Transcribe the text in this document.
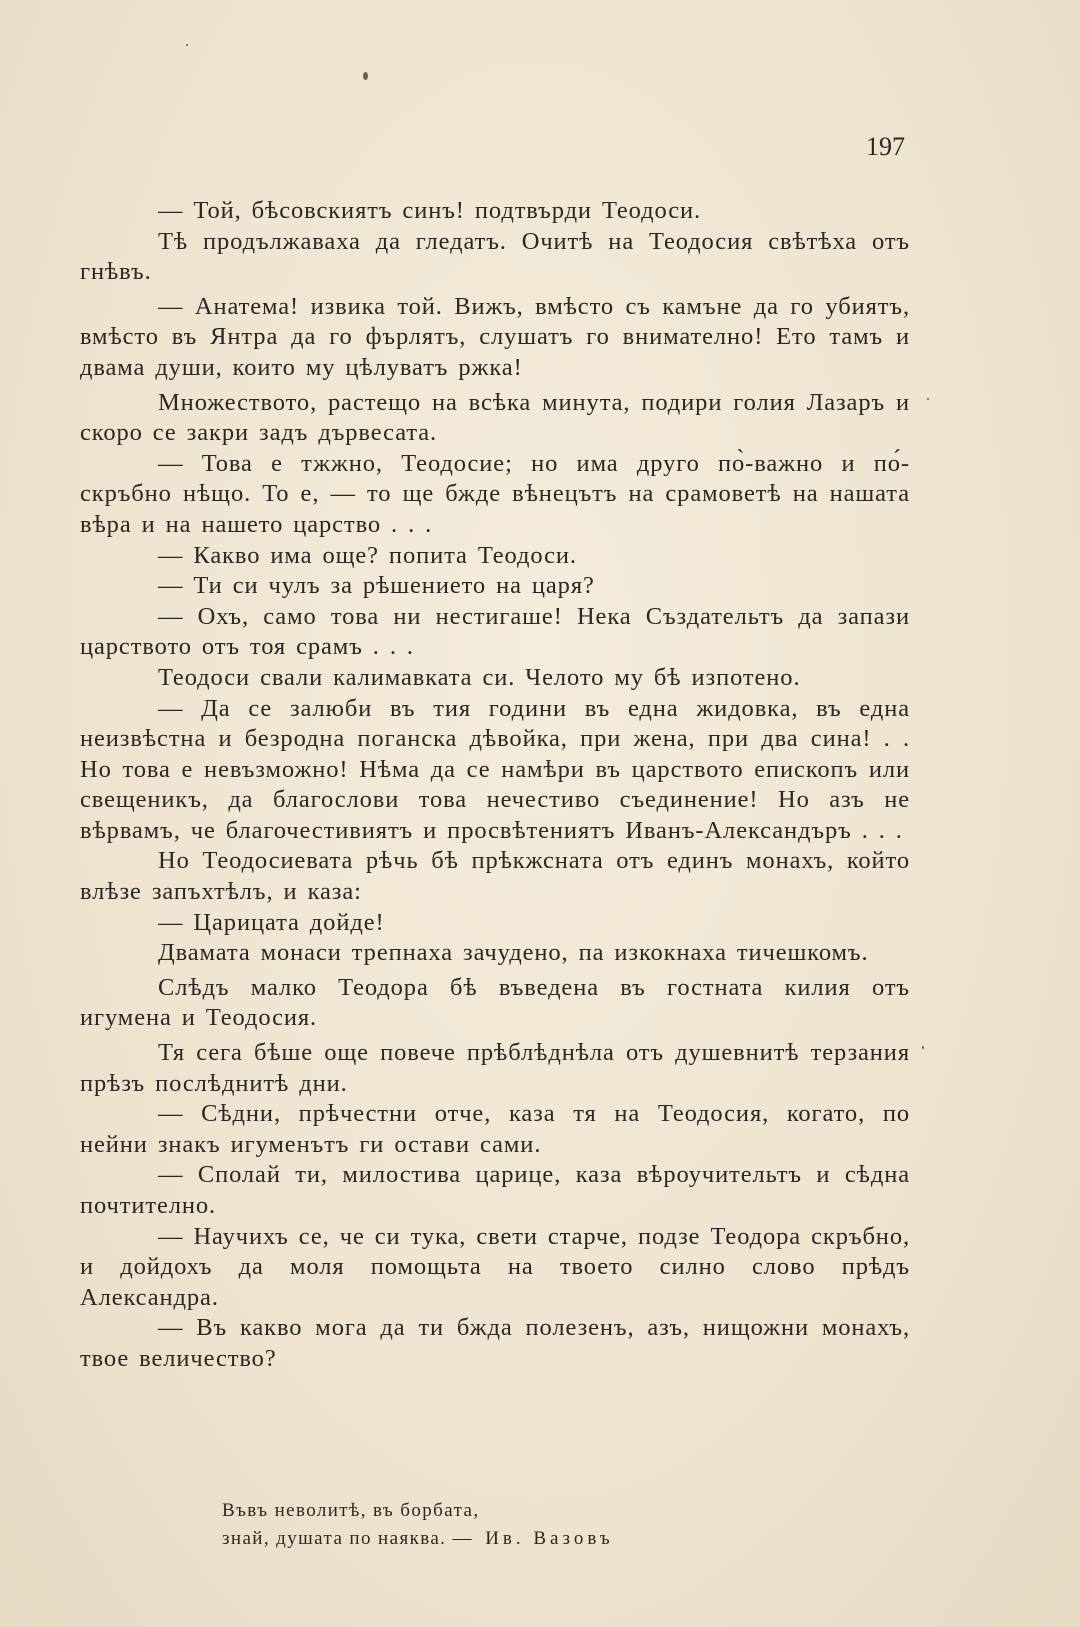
197

— Той, бѣсовскиятъ синъ! подтвърди Теодоси.

Тѣ продължаваха да гледатъ. Очитѣ на Теодосия свѣтѣха отъ гнѣвъ.

— Анатема! извика той. Вижъ, вмѣсто съ камъне да го убиятъ, вмѣсто въ Янтра да го фърлятъ, слушатъ го внимателно! Ето тамъ и двама души, които му цѣлуватъ ржка!

Множеството, растещо на всѣка минута, подири голия Лазаръ и скоро се закри задъ дървесата.

— Това е тжжно, Теодосие; но има друго по̀-важно и по́-скръбно нѣщо. То е, — то ще бжде вѣнецътъ на срамоветѣ на нашата вѣра и на нашето царство . . .

— Какво има още? попита Теодоси.

— Ти си чулъ за рѣшението на царя?

— Охъ, само това ни нестигаше! Нека Създательтъ да запази царството отъ тоя срамъ . . .

Теодоси свали калимавката си. Челото му бѣ изпотено.

— Да се залюби въ тия години въ една жидовка, въ една неизвѣстна и безродна поганска дѣвойка, при жена, при два сина! . . Но това е невъзможно! Нѣма да се намѣри въ царството епископъ или свещеникъ, да благослови това нечестиво съединение! Но азъ не вѣрвамъ, че благочестивиятъ и просвѣтениятъ Иванъ-Александъръ . . .

Но Теодосиевата рѣчь бѣ прѣкжсната отъ единъ монахъ, който влѣзе запъхтѣлъ, и каза:

— Царицата дойде!

Двамата монаси трепнаха зачудено, па изкокнаха тичешкомъ.

Слѣдъ малко Теодора бѣ въведена въ гостната килия отъ игумена и Теодосия.

Тя сега бѣше още повече прѣблѣднѣла отъ душевнитѣ терзания прѣзъ послѣднитѣ дни.

— Сѣдни, прѣчестни отче, каза тя на Теодосия, когато, по нейни знакъ игуменътъ ги остави сами.

— Сполай ти, милостива царице, каза вѣроучительтъ и сѣдна почтително.

— Научихъ се, че си тука, свети старче, подзе Теодора скръбно, и дойдохъ да моля помощьта на твоето силно слово прѣдъ Александра.

— Въ какво мога да ти бжда полезенъ, азъ, нищожни монахъ, твое величество?

Въвъ неволитѣ, въ борбата,
знай, душата по наяква. — Ив. Вазовъ
